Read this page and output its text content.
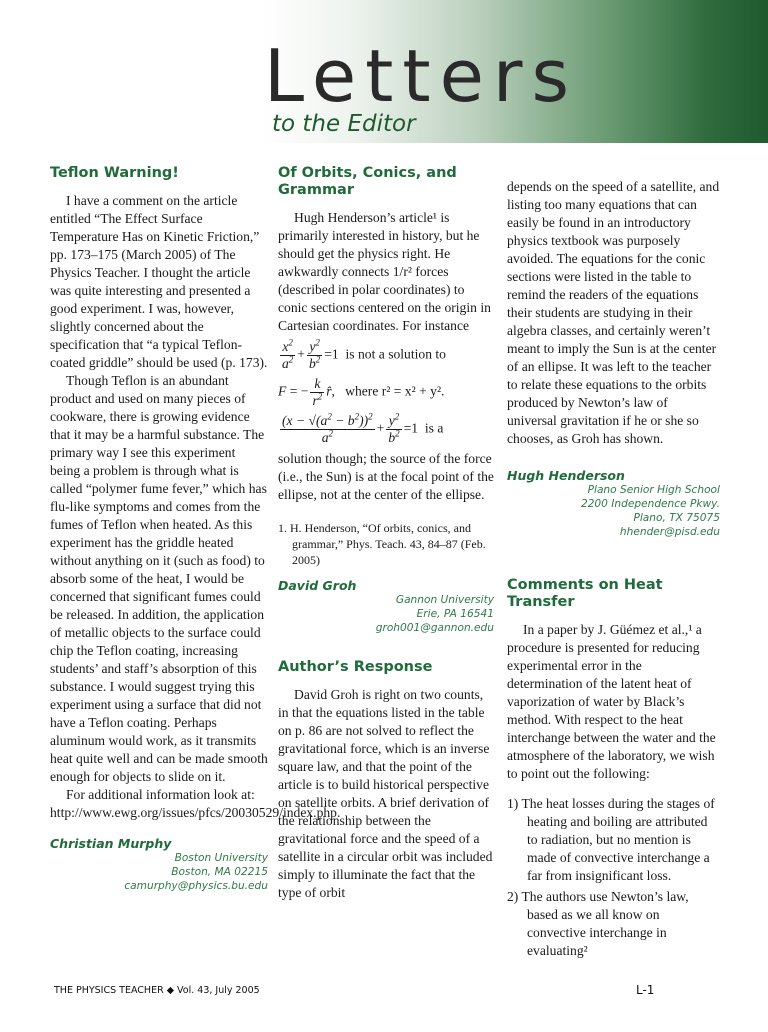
Letters
to the Editor
Teflon Warning!

I have a comment on the article entitled “The Effect Surface Temperature Has on Kinetic Friction,” pp. 173–175 (March 2005) of The Physics Teacher. I thought the article was quite interesting and presented a good experiment. I was, however, slightly concerned about the specification that “a typical Teflon-coated griddle” should be used (p. 173).

Though Teflon is an abundant product and used on many pieces of cookware, there is growing evidence that it may be a harmful substance. The primary way I see this experiment being a problem is through what is called “polymer fume fever,” which has flu-like symptoms and comes from the fumes of Teflon when heated. As this experiment has the griddle heated without anything on it (such as food) to absorb some of the heat, I would be concerned that significant fumes could be released. In addition, the application of metallic objects to the surface could chip the Teflon coating, increasing students’ and staff’s absorption of this substance. I would suggest trying this experiment using a surface that did not have a Teflon coating. Perhaps aluminum would work, as it transmits heat quite well and can be made smooth enough for objects to slide on it.

For additional information look at: http://www.ewg.org/issues/pfcs/20030529/index.php.

Christian Murphy
Boston University
Boston, MA 02215
camurphy@physics.bu.edu
Of Orbits, Conics, and Grammar

Hugh Henderson’s article¹ is primarily interested in history, but he should get the physics right. He awkwardly connects 1/r² forces (described in polar coordinates) to conic sections centered on the origin in Cartesian coordinates. For instance

$\frac{x^2}{a^2} + \frac{y^2}{b^2} =1$  is not a solution to
F = − $\frac{k}{r^2}$ r̂,   where r² = x² + y².
$\frac{(x - √(a^2 - b^2))^2}{a^2} + \frac{y^2}{b^2} =1$  is a

solution though; the source of the force (i.e., the Sun) is at the focal point of the ellipse, not at the center of the ellipse.

1. H. Henderson, “Of orbits, conics, and grammar,” Phys. Teach. 43, 84–87 (Feb. 2005)
David Groh
Gannon University
Erie, PA 16541
groh001@gannon.edu
Author’s Response

David Groh is right on two counts, in that the equations listed in the table on p. 86 are not solved to reflect the gravitational force, which is an inverse square law, and that the point of the article is to build historical perspective on satellite orbits. A brief derivation of the relationship between the gravitational force and the speed of a satellite in a circular orbit was included simply to illuminate the fact that the type of orbit

depends on the speed of a satellite, and listing too many equations that can easily be found in an introductory physics textbook was purposely avoided. The equations for the conic sections were listed in the table to remind the readers of the equations their students are studying in their algebra classes, and certainly weren’t meant to imply the Sun is at the center of an ellipse. It was left to the teacher to relate these equations to the orbits produced by Newton’s law of universal gravitation if he or she so chooses, as Groh has shown.

Hugh Henderson
Plano Senior High School
2200 Independence Pkwy.
Plano, TX 75075
hhender@pisd.edu
Comments on Heat Transfer

In a paper by J. Güémez et al.,¹ a procedure is presented for reducing experimental error in the determination of the latent heat of vaporization of water by Black’s method. With respect to the heat interchange between the water and the atmosphere of the laboratory, we wish to point out the following:

1) The heat losses during the stages of heating and boiling are attributed to radiation, but no mention is made of convective interchange a far from insignificant loss.
2) The authors use Newton’s law, based as we all know on convective interchange in evaluating²
THE PHYSICS TEACHER ◆ Vol. 43, July 2005	L-1
